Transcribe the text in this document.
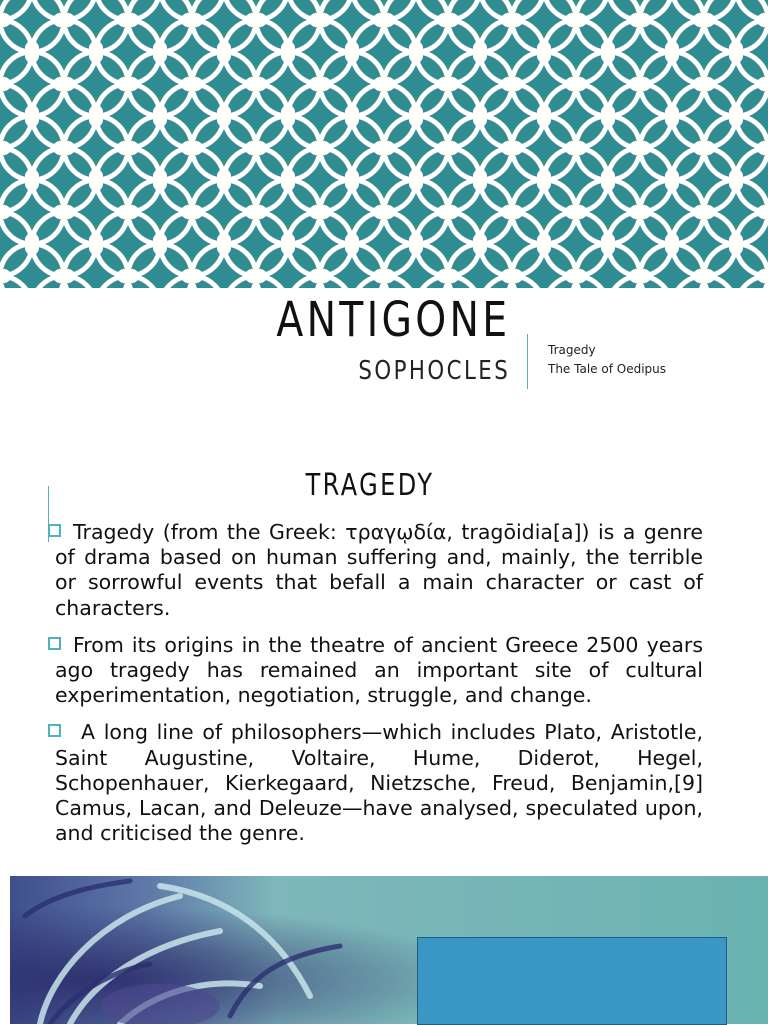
ANTIGONE
SOPHOCLES
Tragedy
The Tale of Oedipus
TRAGEDY
Tragedy (from the Greek: τραγῳδία, tragōidia[a]) is a genre of drama based on human suffering and, mainly, the terrible or sorrowful events that befall a main character or cast of characters.
From its origins in the theatre of ancient Greece 2500 years ago tragedy has remained an important site of cultural experimentation, negotiation, struggle, and change.
A long line of philosophers—which includes Plato, Aristotle, Saint Augustine, Voltaire, Hume, Diderot, Hegel, Schopenhauer, Kierkegaard, Nietzsche, Freud, Benjamin,[9] Camus, Lacan, and Deleuze—have analysed, speculated upon, and criticised the genre.
